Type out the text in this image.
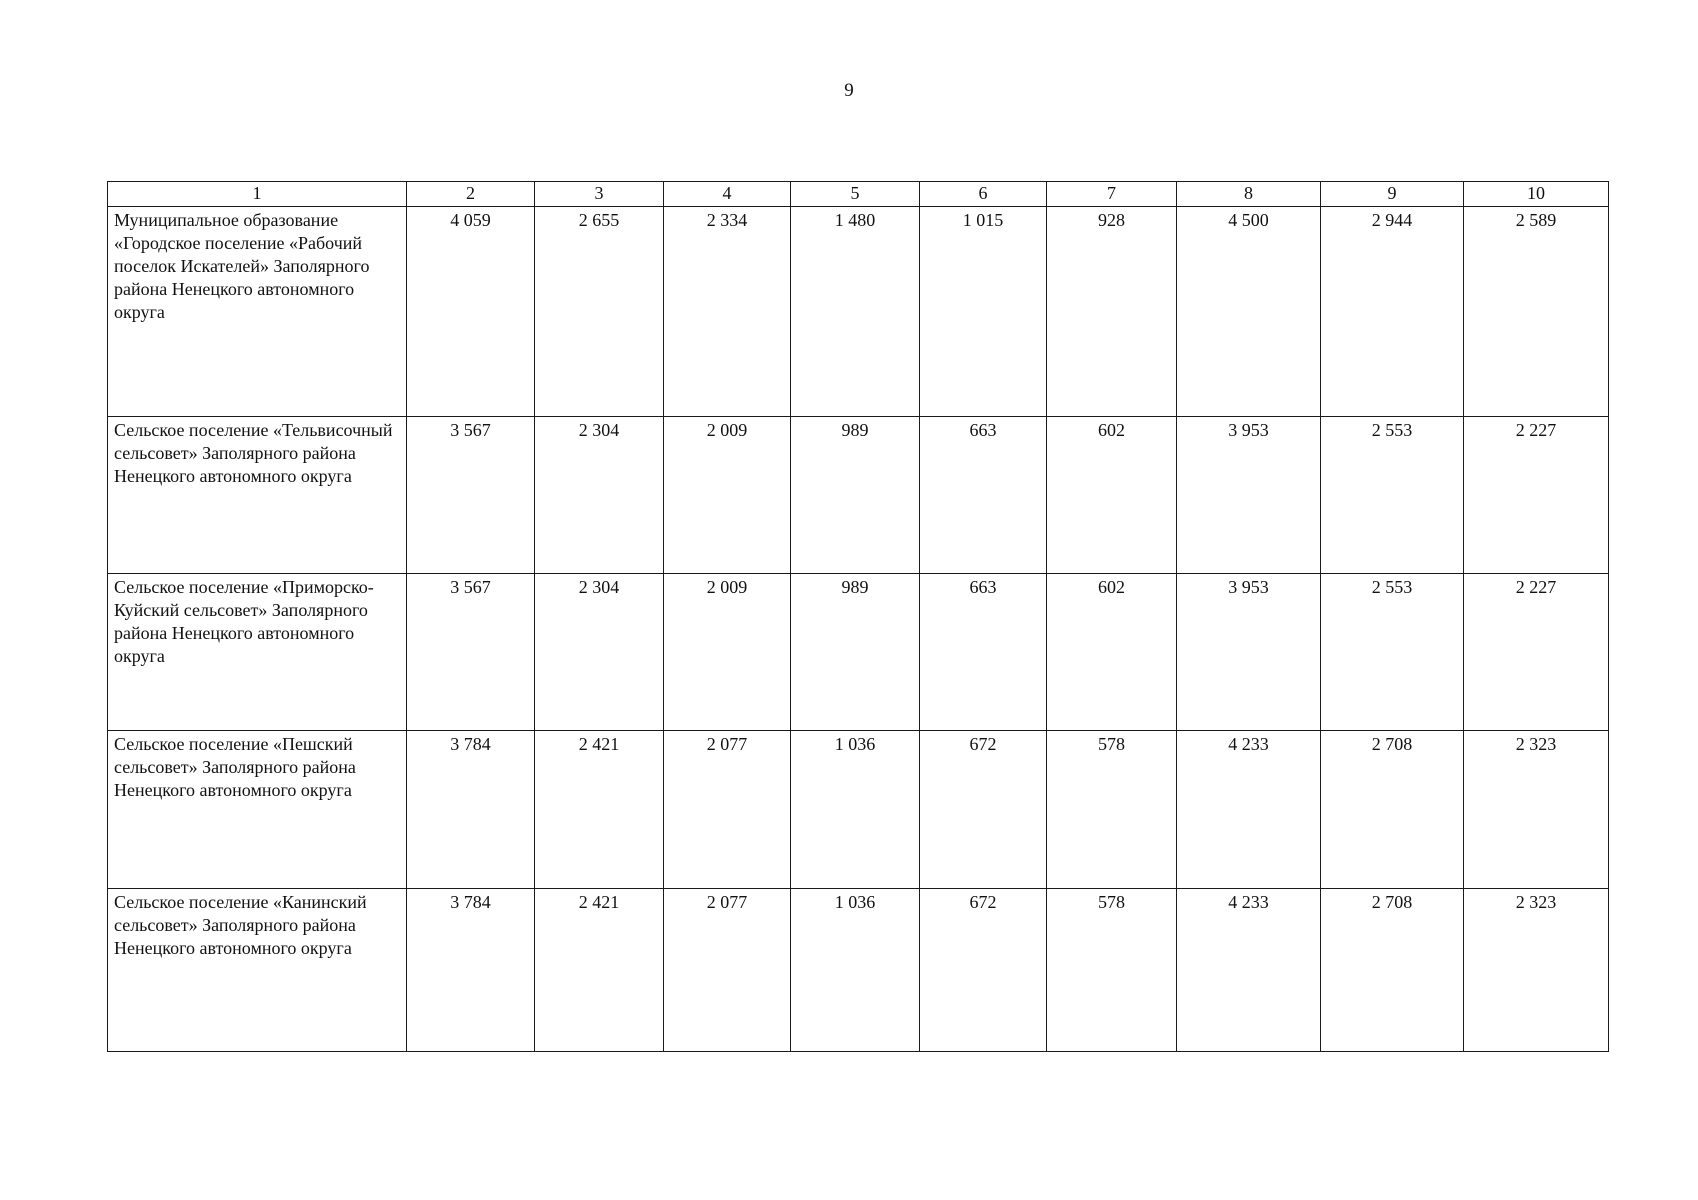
9
1	2	3	4	5	6	7	8	9	10
Муниципальное образование «Городское поселение «Рабочий поселок Искателей» Заполярного района Ненецкого автономного округа	4 059	2 655	2 334	1 480	1 015	928	4 500	2 944	2 589
Сельское поселение «Тельвисочный сельсовет» Заполярного района Ненецкого автономного округа	3 567	2 304	2 009	989	663	602	3 953	2 553	2 227
Сельское поселение «Приморско-Куйский сельсовет» Заполярного района Ненецкого автономного округа	3 567	2 304	2 009	989	663	602	3 953	2 553	2 227
Сельское поселение «Пешский сельсовет» Заполярного района Ненецкого автономного округа	3 784	2 421	2 077	1 036	672	578	4 233	2 708	2 323
Сельское поселение «Канинский сельсовет» Заполярного района Ненецкого автономного округа	3 784	2 421	2 077	1 036	672	578	4 233	2 708	2 323
